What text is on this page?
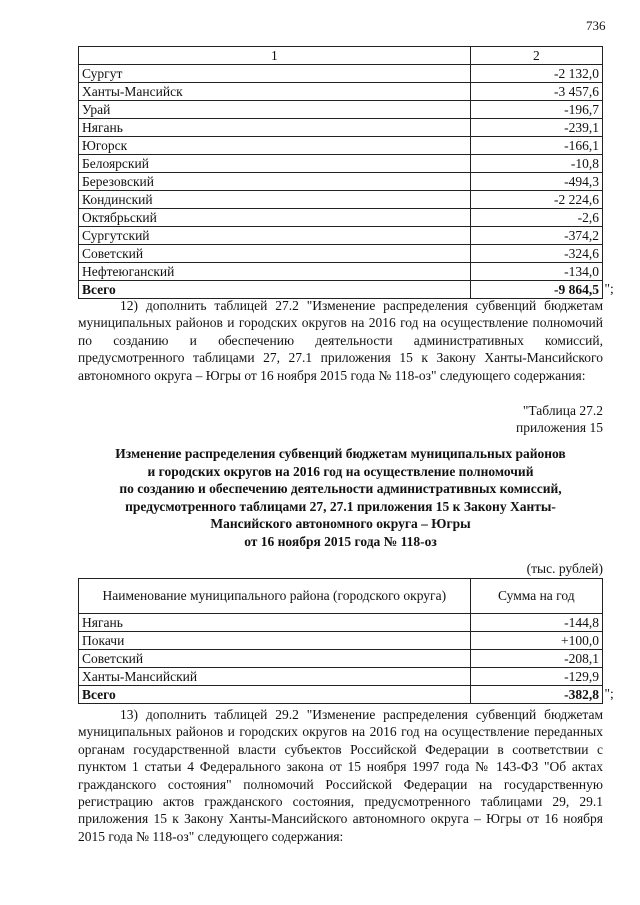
736
1	2
Сургут	-2 132,0
Ханты-Мансийск	-3 457,6
Урай	-196,7
Нягань	-239,1
Югорск	-166,1
Белоярский	-10,8
Березовский	-494,3
Кондинский	-2 224,6
Октябрьский	-2,6
Сургутский	-374,2
Советский	-324,6
Нефтеюганский	-134,0
Всего	-9 864,5 ";

12) дополнить таблицей 27.2 "Изменение распределения субвенций бюджетам муниципальных районов и городских округов на 2016 год на осуществление полномочий по созданию и обеспечению деятельности административных комиссий, предусмотренного таблицами 27, 27.1 приложения 15 к Закону Ханты-Мансийского автономного округа – Югры от 16 ноября 2015 года № 118-оз" следующего содержания:

"Таблица 27.2
приложения 15
Изменение распределения субвенций бюджетам муниципальных районов
и городских округов на 2016 год на осуществление полномочий
по созданию и обеспечению деятельности административных комиссий,
предусмотренного таблицами 27, 27.1 приложения 15 к Закону Ханты-
Мансийского автономного округа – Югры
от 16 ноября 2015 года № 118-оз
(тыс. рублей)
Наименование муниципального района (городского округа)	Сумма на год
Нягань	-144,8
Покачи	+100,0
Советский	-208,1
Ханты-Мансийский	-129,9
Всего	-382,8 ";

13) дополнить таблицей 29.2 "Изменение распределения субвенций бюджетам муниципальных районов и городских округов на 2016 год на осуществление переданных органам государственной власти субъектов Российской Федерации в соответствии с пунктом 1 статьи 4 Федерального закона от 15 ноября 1997 года № 143-ФЗ "Об актах гражданского состояния" полномочий Российской Федерации на государственную регистрацию актов гражданского состояния, предусмотренного таблицами 29, 29.1 приложения 15 к Закону Ханты-Мансийского автономного округа – Югры от 16 ноября 2015 года № 118-оз" следующего содержания:
